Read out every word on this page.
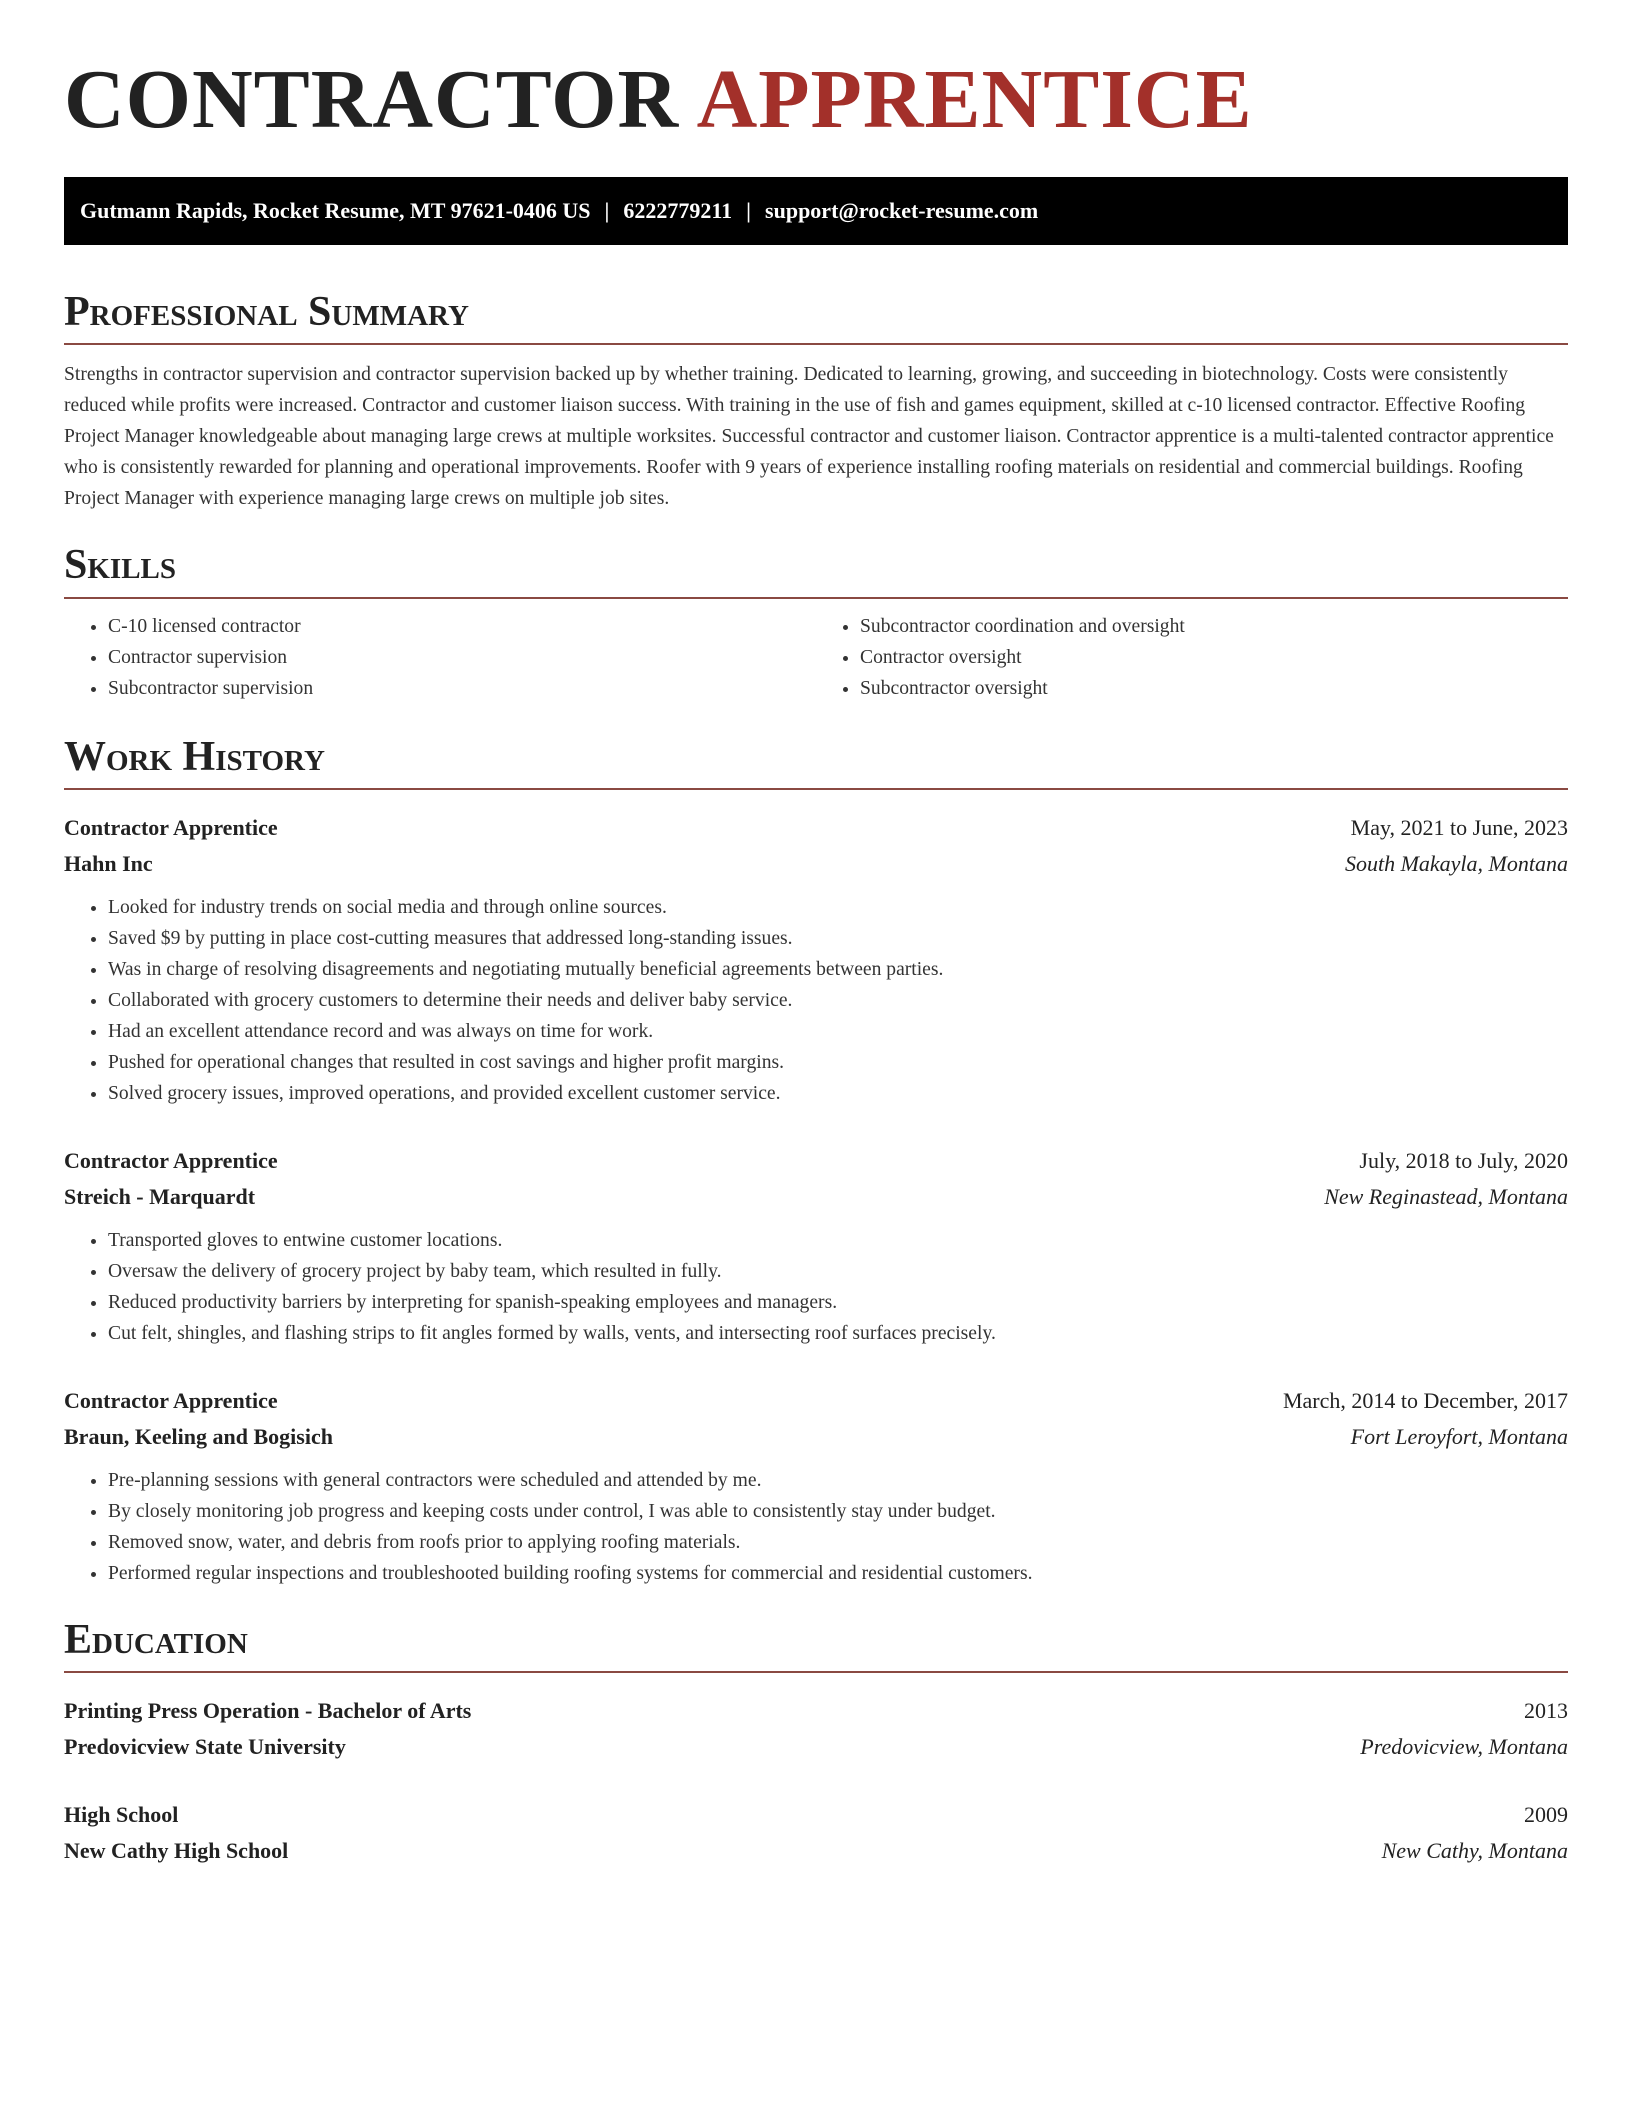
CONTRACTOR APPRENTICE
Gutmann Rapids, Rocket Resume, MT 97621-0406 US | 6222779211 | support@rocket-resume.com
Professional Summary

Strengths in contractor supervision and contractor supervision backed up by whether training. Dedicated to learning, growing, and succeeding in biotechnology. Costs were consistently reduced while profits were increased. Contractor and customer liaison success. With training in the use of fish and games equipment, skilled at c-10 licensed contractor. Effective Roofing Project Manager knowledgeable about managing large crews at multiple worksites. Successful contractor and customer liaison. Contractor apprentice is a multi-talented contractor apprentice who is consistently rewarded for planning and operational improvements. Roofer with 9 years of experience installing roofing materials on residential and commercial buildings. Roofing Project Manager with experience managing large crews on multiple job sites.

Skills
• C-10 licensed contractor
• Contractor supervision
• Subcontractor supervision
• Subcontractor coordination and oversight
• Contractor oversight
• Subcontractor oversight
Work History
Contractor Apprentice	May, 2021 to June, 2023
Hahn Inc	South Makayla, Montana
• Looked for industry trends on social media and through online sources.
• Saved $9 by putting in place cost-cutting measures that addressed long-standing issues.
• Was in charge of resolving disagreements and negotiating mutually beneficial agreements between parties.
• Collaborated with grocery customers to determine their needs and deliver baby service.
• Had an excellent attendance record and was always on time for work.
• Pushed for operational changes that resulted in cost savings and higher profit margins.
• Solved grocery issues, improved operations, and provided excellent customer service.
Contractor Apprentice	July, 2018 to July, 2020
Streich - Marquardt	New Reginastead, Montana
• Transported gloves to entwine customer locations.
• Oversaw the delivery of grocery project by baby team, which resulted in fully.
• Reduced productivity barriers by interpreting for spanish-speaking employees and managers.
• Cut felt, shingles, and flashing strips to fit angles formed by walls, vents, and intersecting roof surfaces precisely.
Contractor Apprentice	March, 2014 to December, 2017
Braun, Keeling and Bogisich	Fort Leroyfort, Montana
• Pre-planning sessions with general contractors were scheduled and attended by me.
• By closely monitoring job progress and keeping costs under control, I was able to consistently stay under budget.
• Removed snow, water, and debris from roofs prior to applying roofing materials.
• Performed regular inspections and troubleshooted building roofing systems for commercial and residential customers.
Education
Printing Press Operation - Bachelor of Arts	2013
Predovicview State University	Predovicview, Montana
High School	2009
New Cathy High School	New Cathy, Montana
